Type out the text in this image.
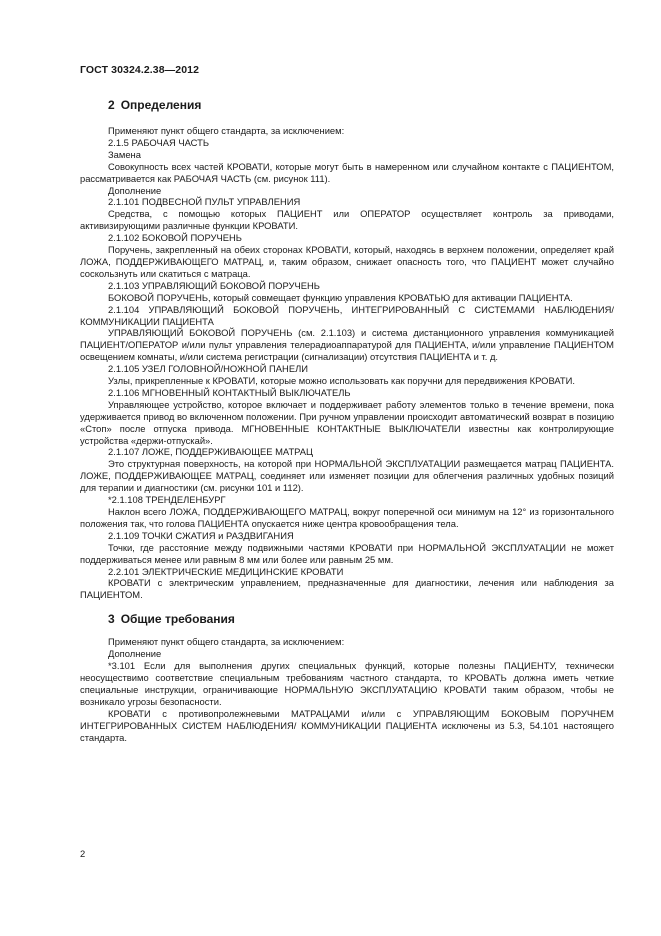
ГОСТ 30324.2.38—2012
2 Определения

Применяют пункт общего стандарта, за исключением:

2.1.5 РАБОЧАЯ ЧАСТЬ

Замена

Совокупность всех частей КРОВАТИ, которые могут быть в намеренном или случайном контакте с ПАЦИЕНТОМ, рассматривается как РАБОЧАЯ ЧАСТЬ (см. рисунок 111).

Дополнение

2.1.101 ПОДВЕСНОЙ ПУЛЬТ УПРАВЛЕНИЯ

Средства, с помощью которых ПАЦИЕНТ или ОПЕРАТОР осуществляет контроль за приводами, активизирующими различные функции КРОВАТИ.

2.1.102 БОКОВОЙ ПОРУЧЕНЬ

Поручень, закрепленный на обеих сторонах КРОВАТИ, который, находясь в верхнем положении, определяет край ЛОЖА, ПОДДЕРЖИВАЮЩЕГО МАТРАЦ, и, таким образом, снижает опасность того, что ПАЦИЕНТ может случайно соскользнуть или скатиться с матраца.

2.1.103 УПРАВЛЯЮЩИЙ БОКОВОЙ ПОРУЧЕНЬ

БОКОВОЙ ПОРУЧЕНЬ, который совмещает функцию управления КРОВАТЬЮ для активации ПАЦИЕНТА.

2.1.104 УПРАВЛЯЮЩИЙ БОКОВОЙ ПОРУЧЕНЬ, ИНТЕГРИРОВАННЫЙ С СИСТЕМАМИ НАБЛЮДЕНИЯ/КОММУНИКАЦИИ ПАЦИЕНТА

УПРАВЛЯЮЩИЙ БОКОВОЙ ПОРУЧЕНЬ (см. 2.1.103) и система дистанционного управления коммуникацией ПАЦИЕНТ/ОПЕРАТОР и/или пульт управления телерадиоаппаратурой для ПАЦИЕНТА, и/или управление ПАЦИЕНТОМ освещением комнаты, и/или система регистрации (сигнализации) отсутствия ПАЦИЕНТА и т. д.

2.1.105 УЗЕЛ ГОЛОВНОЙ/НОЖНОЙ ПАНЕЛИ

Узлы, прикрепленные к КРОВАТИ, которые можно использовать как поручни для передвижения КРОВАТИ.

2.1.106 МГНОВЕННЫЙ КОНТАКТНЫЙ ВЫКЛЮЧАТЕЛЬ

Управляющее устройство, которое включает и поддерживает работу элементов только в течение времени, пока удерживается привод во включенном положении. При ручном управлении происходит автоматический возврат в позицию «Стоп» после отпуска привода. МГНОВЕННЫЕ КОНТАКТНЫЕ ВЫКЛЮЧАТЕЛИ известны как контролирующие устройства «держи-отпускай».

2.1.107 ЛОЖЕ, ПОДДЕРЖИВАЮЩЕЕ МАТРАЦ

Это структурная поверхность, на которой при НОРМАЛЬНОЙ ЭКСПЛУАТАЦИИ размещается матрац ПАЦИЕНТА. ЛОЖЕ, ПОДДЕРЖИВАЮЩЕЕ МАТРАЦ, соединяет или изменяет позиции для облегчения различных удобных позиций для терапии и диагностики (см. рисунки 101 и 112).

*2.1.108 ТРЕНДЕЛЕНБУРГ

Наклон всего ЛОЖА, ПОДДЕРЖИВАЮЩЕГО МАТРАЦ, вокруг поперечной оси минимум на 12° из горизонтального положения так, что голова ПАЦИЕНТА опускается ниже центра кровообращения тела.

2.1.109 ТОЧКИ СЖАТИЯ и РАЗДВИГАНИЯ

Точки, где расстояние между подвижными частями КРОВАТИ при НОРМАЛЬНОЙ ЭКСПЛУАТАЦИИ не может поддерживаться менее или равным 8 мм или более или равным 25 мм.

2.2.101 ЭЛЕКТРИЧЕСКИЕ МЕДИЦИНСКИЕ КРОВАТИ

КРОВАТИ с электрическим управлением, предназначенные для диагностики, лечения или наблюдения за ПАЦИЕНТОМ.

3 Общие требования

Применяют пункт общего стандарта, за исключением:

Дополнение

*3.101 Если для выполнения других специальных функций, которые полезны ПАЦИЕНТУ, технически неосуществимо соответствие специальным требованиям частного стандарта, то КРОВАТЬ должна иметь четкие специальные инструкции, ограничивающие НОРМАЛЬНУЮ ЭКСПЛУАТАЦИЮ КРОВАТИ таким образом, чтобы не возникало угрозы безопасности.

КРОВАТИ с противопролежневыми МАТРАЦАМИ и/или с УПРАВЛЯЮЩИМ БОКОВЫМ ПОРУЧНЕМ ИНТЕГРИРОВАННЫХ СИСТЕМ НАБЛЮДЕНИЯ/ КОММУНИКАЦИИ ПАЦИЕНТА исключены из 5.3, 54.101 настоящего стандарта.

2
